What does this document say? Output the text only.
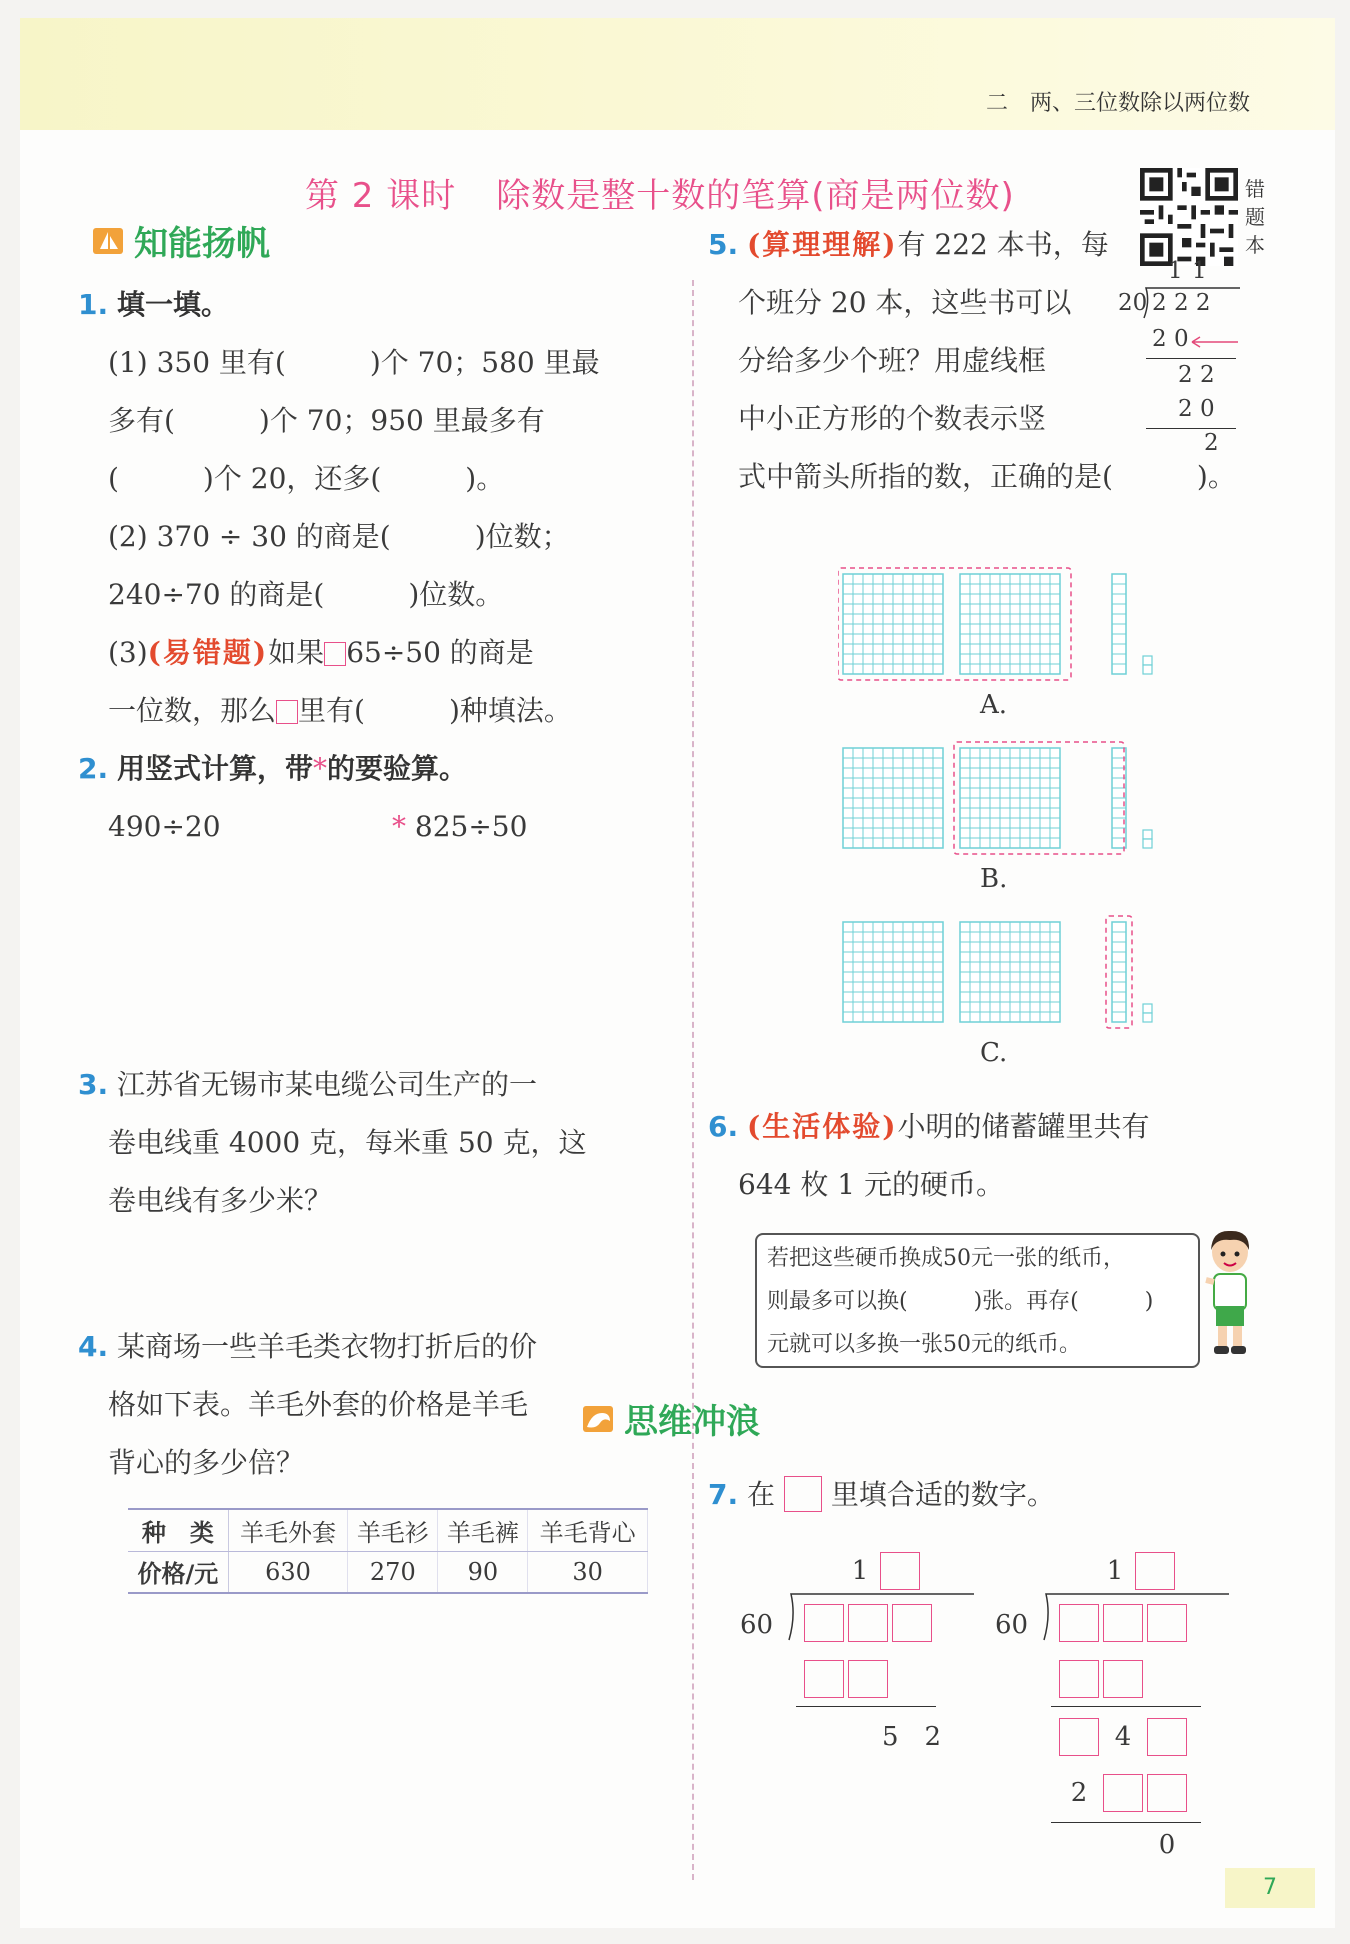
二　两、三位数除以两位数
第 2 课时 除数是整十数的笔算(商是两位数)	错
题
本
知能扬帆
1. 填一填。
(1) 350 里有(　　　)个 70；580 里最
多有(　　　)个 70；950 里最多有
(　　　)个 20，还多(　　　)。
(2) 370 ÷ 30 的商是(　　　)位数；
240÷70 的商是(　　　)位数。
(3)(易错题)如果 65÷50 的商是
一位数，那么 里有(　　　)种填法。
2. 用竖式计算，带*的要验算。
490÷20	* 825÷50
3. 江苏省无锡市某电缆公司生产的一
卷电线重 4000 克，每米重 50 克，这
卷电线有多少米？
4. 某商场一些羊毛类衣物打折后的价
格如下表。羊毛外套的价格是羊毛
背心的多少倍？
种　类	羊毛外套	羊毛衫	羊毛裤	羊毛背心
价格/元	630	270	90	30
5. (算理理解)有 222 本书，每
个班分 20 本，这些书可以
分给多少个班？用虚线框
中小正方形的个数表示竖
式中箭头所指的数，正确的是(　　　)。
1 1
20 2 2 2
2 0
2 2
2 0
2
A.
B.
C.
6. (生活体验)小明的储蓄罐里共有
644 枚 1 元的硬币。
若把这些硬币换成50元一张的纸币，
则最多可以换(　　　)张。再存(　　　)
元就可以多换一张50元的纸币。
思维冲浪
7. 在 里填合适的数字。
1
60
5　2
1
60
4
2
0
7
